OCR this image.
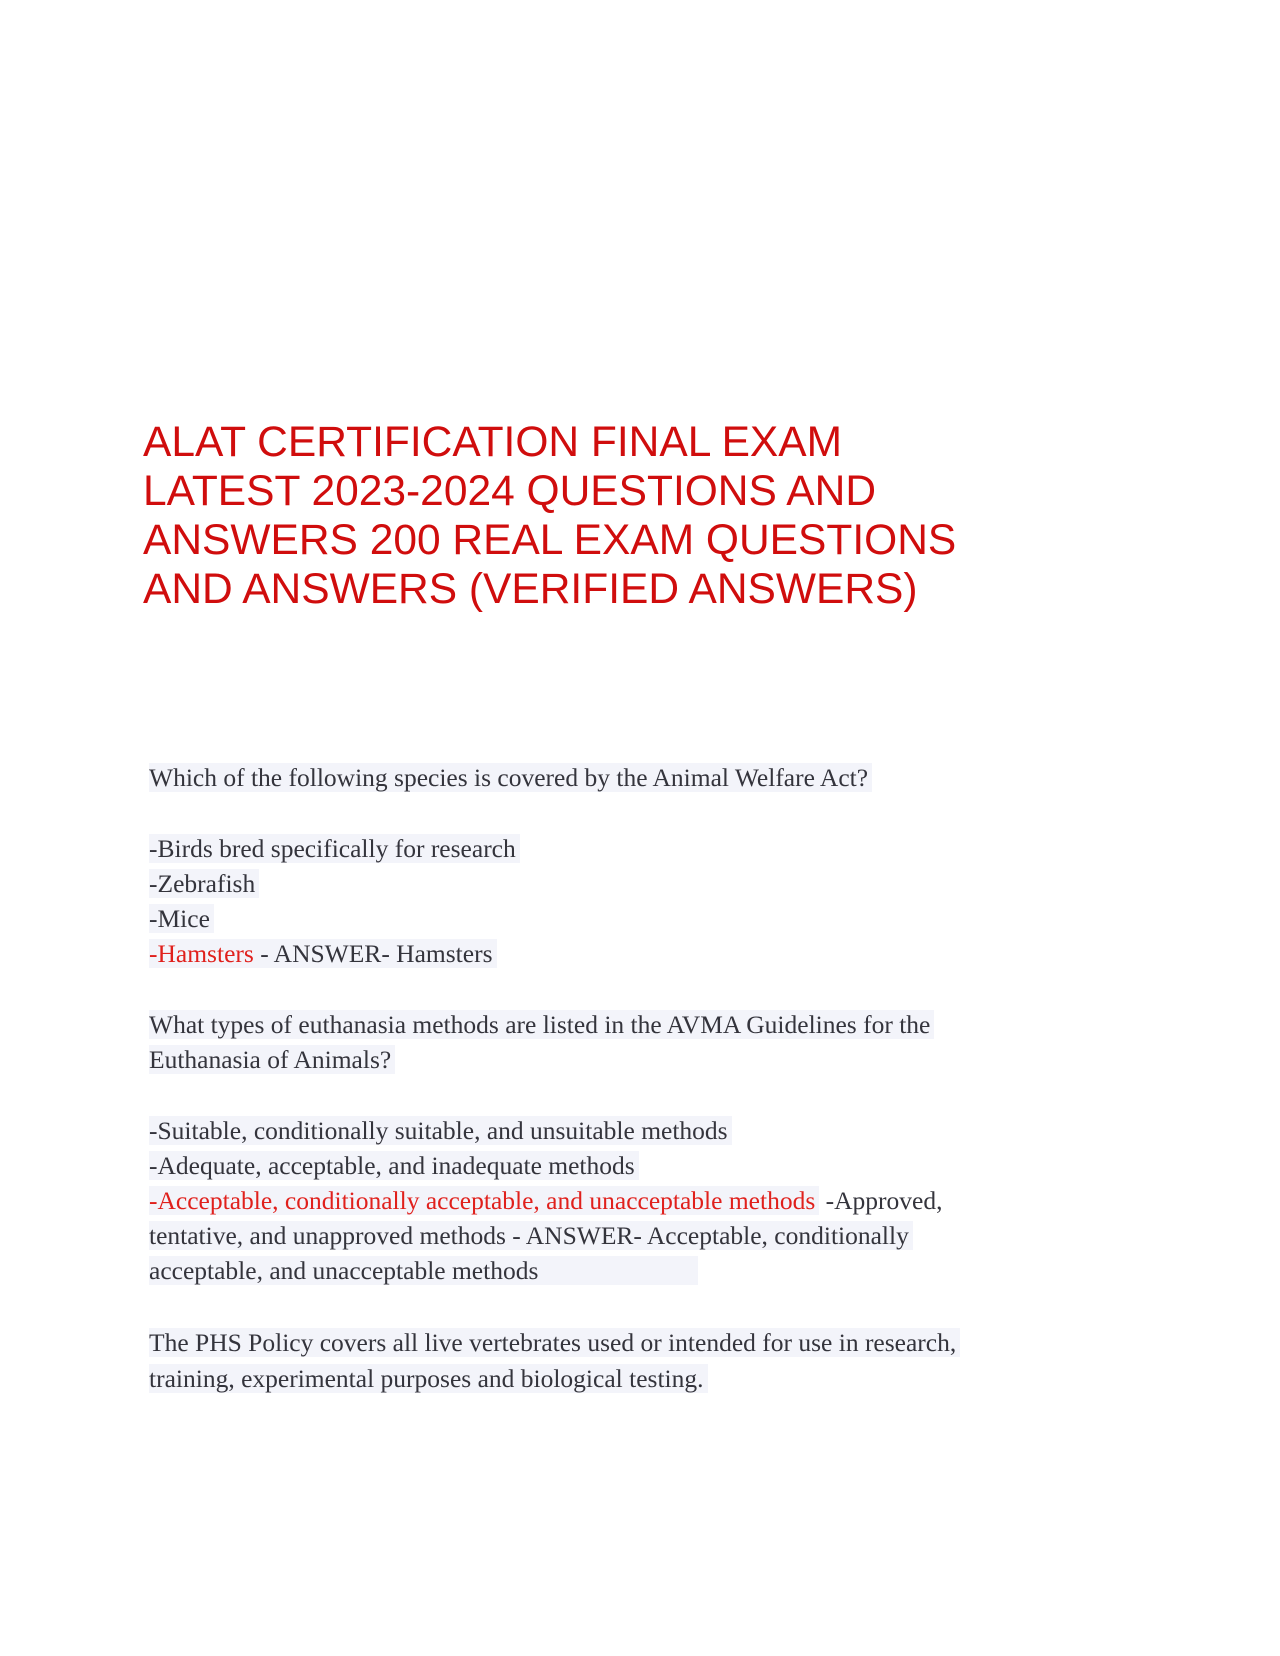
ALAT CERTIFICATION FINAL EXAM
LATEST 2023-2024 QUESTIONS AND
ANSWERS 200 REAL EXAM QUESTIONS
AND ANSWERS (VERIFIED ANSWERS)
Which of the following species is covered by the Animal Welfare Act?
-Birds bred specifically for research
-Zebrafish
-Mice
-Hamsters - ANSWER- Hamsters
What types of euthanasia methods are listed in the AVMA Guidelines for the
Euthanasia of Animals?
-Suitable, conditionally suitable, and unsuitable methods
-Adequate, acceptable, and inadequate methods
-Acceptable, conditionally acceptable, and unacceptable methods -Approved,
tentative, and unapproved methods - ANSWER- Acceptable, conditionally
acceptable, and unacceptable methods
The PHS Policy covers all live vertebrates used or intended for use in research,
training, experimental purposes and biological testing.
